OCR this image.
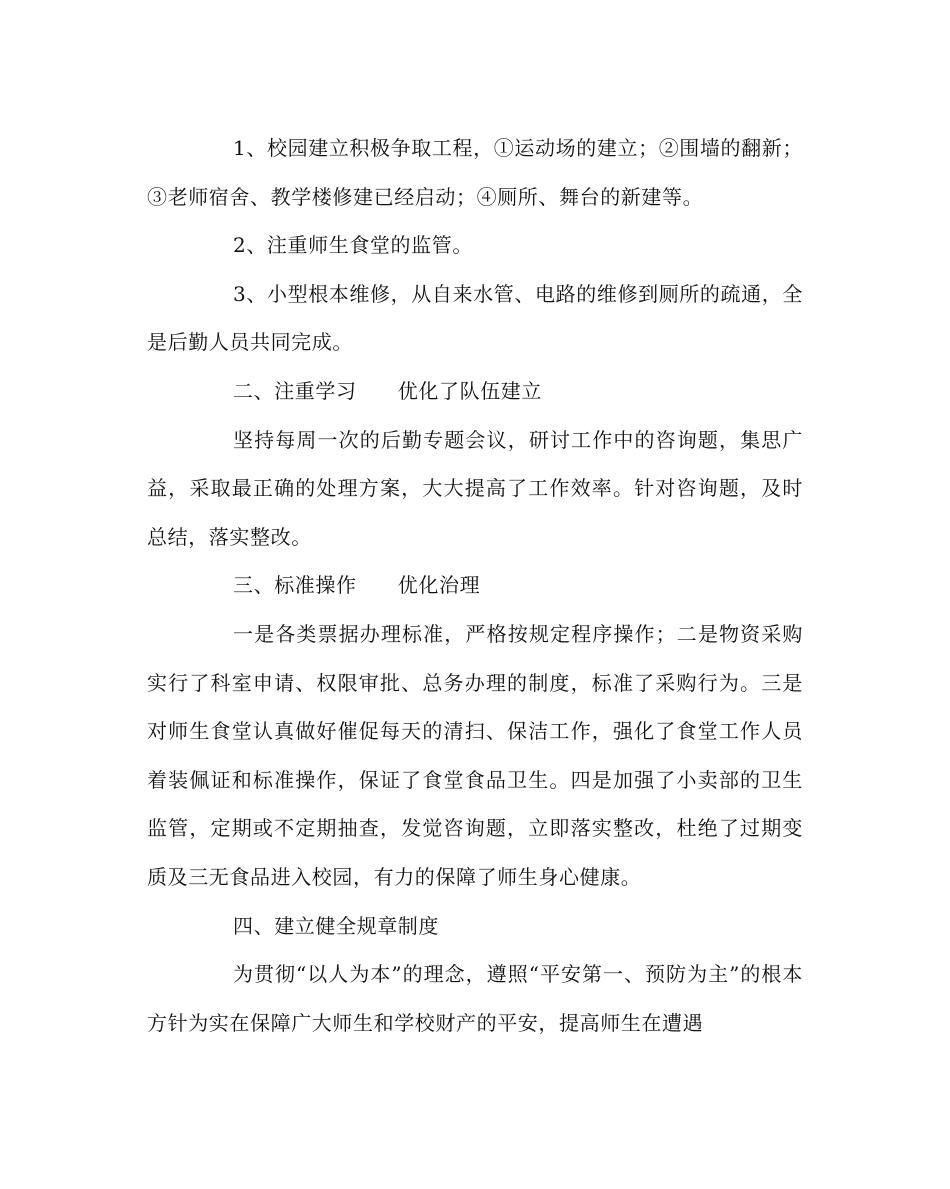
1、校园建立积极争取工程，①运动场的建立；②围墙的翻新；③老师宿舍、教学楼修建已经启动；④厕所、舞台的新建等。

2、注重师生食堂的监管。

3、小型根本维修，从自来水管、电路的维修到厕所的疏通，全是后勤人员共同完成。

二、注重学习　　优化了队伍建立

坚持每周一次的后勤专题会议，研讨工作中的咨询题，集思广益，采取最正确的处理方案，大大提高了工作效率。针对咨询题，及时总结，落实整改。

三、标准操作　　优化治理

一是各类票据办理标准，严格按规定程序操作；二是物资采购实行了科室申请、权限审批、总务办理的制度，标准了采购行为。三是对师生食堂认真做好催促每天的清扫、保洁工作，强化了食堂工作人员着装佩证和标准操作，保证了食堂食品卫生。四是加强了小卖部的卫生监管，定期或不定期抽查，发觉咨询题，立即落实整改，杜绝了过期变质及三无食品进入校园，有力的保障了师生身心健康。

四、建立健全规章制度

为贯彻“以人为本”的理念，遵照“平安第一、预防为主”的根本方针为实在保障广大师生和学校财产的平安，提高师生在遭遇
